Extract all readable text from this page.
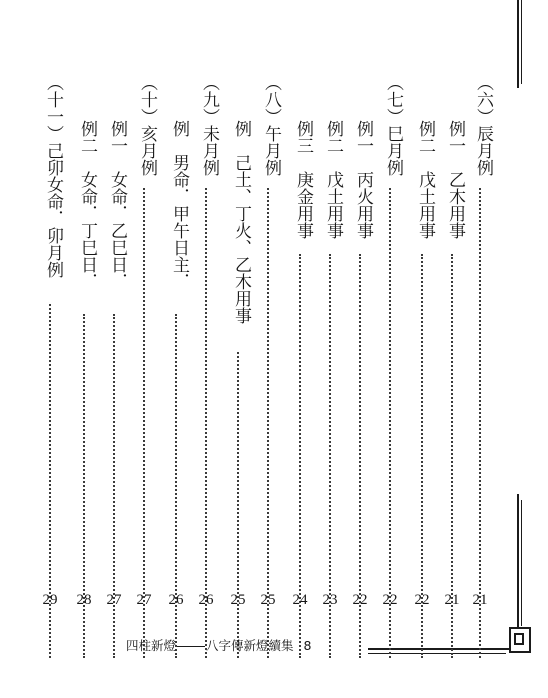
（六）辰月例
21
例一　乙木用事
21
例二　戊土用事
22
（七）巳月例
22
例一　丙火用事
22
例二　戊土用事
23
例三　庚金用事
24
（八）午月例
25
例　己土、丁火、乙木用事
25
（九）未月例
26
例　男命．甲午日主．
26
（十）亥月例
27
例一　女命．乙巳日．
27
例二　女命．丁巳日．
28
（十一）己卯女命．卯月例
29
四柱新燈 八字傳新燈續集 8
